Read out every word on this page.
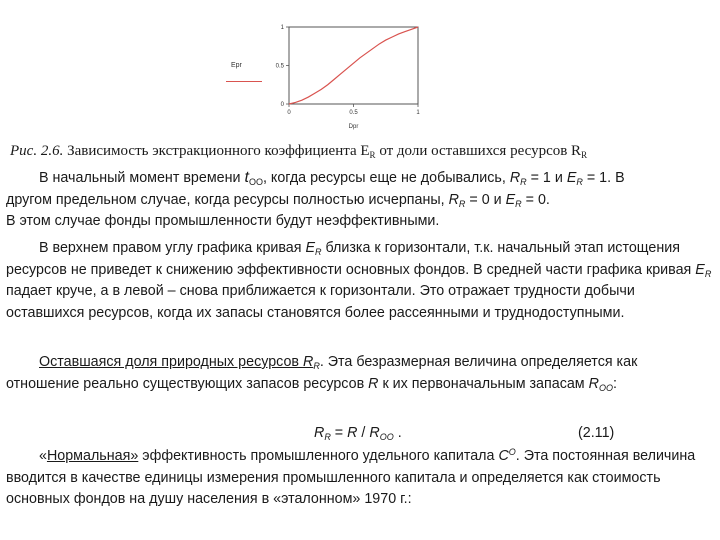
0	0.5	1
0
0.5
1
Dрr
Eрr
Рис. 2.6. Зависимость экстракционного коэффициента $E_R$ от доли оставшихся ресурсов $R_R$

В начальный момент времени $t_{OO}$, когда ресурсы еще не добывались, $R_R = 1$ и $E_R = 1$. В

другом предельном случае, когда ресурсы полностью исчерпаны, $R_R = 0$ и $E_R = 0$.

В этом случае фонды промышленности будут неэффективными.

В верхнем правом углу графика кривая $E_R$ близка к горизонтали, т.к. начальный этап истощения ресурсов не приведет к снижению эффективности основных фондов. В средней части графика кривая $E_R$ падает круче, а в левой – снова приближается к горизонтали. Это отражает трудности добычи оставшихся ресурсов, когда их запасы становятся более рассеянными и труднодоступными.

Оставшаяся доля природных ресурсов $R_R$. Эта безразмерная величина определяется как отношение реально существующих запасов ресурсов R к их первоначальным запасам $R_{OO}$:

$R_R = R / R_{OO}$ .	(2.11)

«Нормальная» эффективность промышленного удельного капитала $C^O$. Эта постоянная величина вводится в качестве единицы измерения промышленного капитала и определяется как стоимость основных фондов на душу населения в «эталонном» 1970 г.:
